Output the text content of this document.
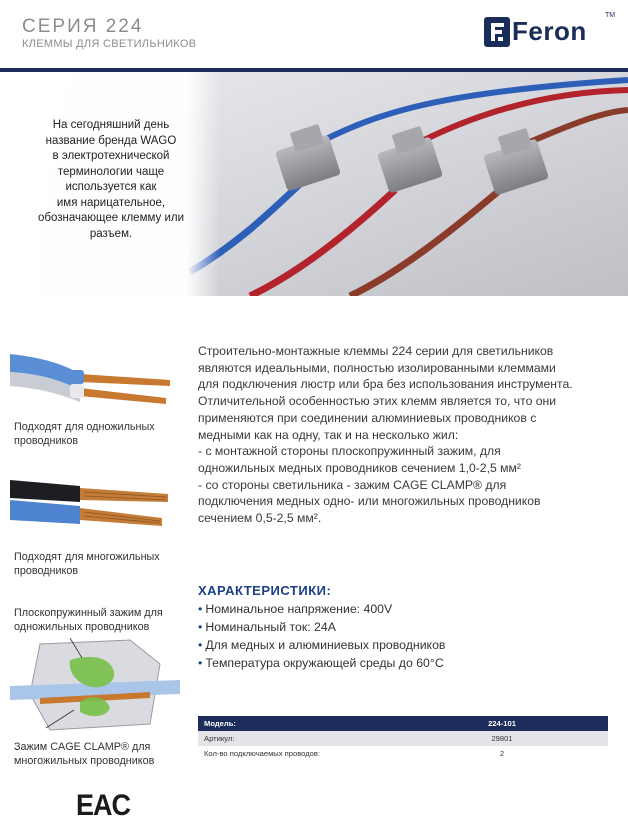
СЕРИЯ 224
КЛЕММЫ ДЛЯ СВЕТИЛЬНИКОВ	Feron
TM
На сегодняшний день
название бренда WAGO
в электротехнической
терминологии чаще
используется как
имя нарицательное,
обозначающее клемму или
разъем.
Подходят для одножильных
проводников
Подходят для многожильных
проводников
Плоскопружинный зажим для
одножильных проводников
Зажим CAGE CLAMP® для
многожильных проводников

Строительно-монтажные клеммы 224 серии для светильников

являются идеальными, полностью изолированными клеммами

для подключения люстр или бра без использования инструмента.

Отличительной особенностью этих клемм является то, что они

применяются при соединении алюминиевых проводников с

медными как на одну, так и на несколько жил:

- с монтажной стороны плоскопружинный зажим, для

одножильных медных проводников сечением 1,0-2,5 мм²

- со стороны светильника - зажим CAGE CLAMP® для

подключения медных одно- или многожильных проводников

сечением 0,5-2,5 мм².

ХАРАКТЕРИСТИКИ:
• Номинальное напряжение: 400V
• Номинальный ток: 24A
• Для медных и алюминиевых проводников
• Температура окружающей среды до 60°C
Модель:	224-101
Артикул:	29801
Кол-во подключаемых проводов:	2
EAC
